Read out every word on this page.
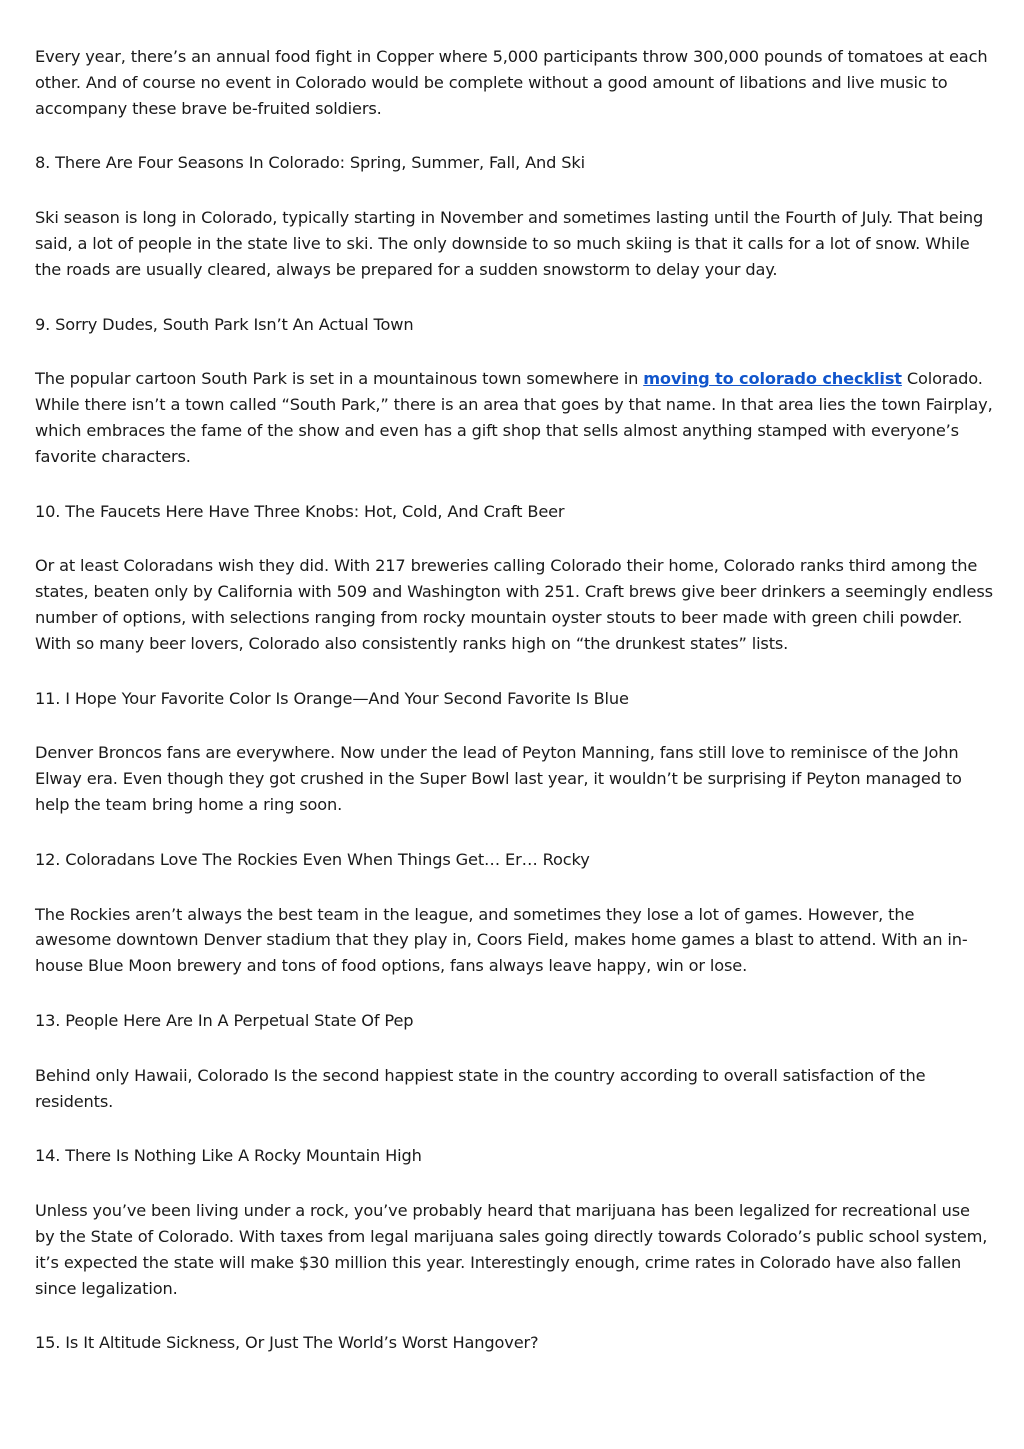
Every year, there’s an annual food fight in Copper where 5,000 participants throw 300,000 pounds of tomatoes at each other. And of course no event in Colorado would be complete without a good amount of libations and live music to accompany these brave be-fruited soldiers.

8. There Are Four Seasons In Colorado: Spring, Summer, Fall, And Ski

Ski season is long in Colorado, typically starting in November and sometimes lasting until the Fourth of July. That being said, a lot of people in the state live to ski. The only downside to so much skiing is that it calls for a lot of snow. While the roads are usually cleared, always be prepared for a sudden snowstorm to delay your day.

9. Sorry Dudes, South Park Isn’t An Actual Town

The popular cartoon South Park is set in a mountainous town somewhere in moving to colorado checklist Colorado. While there isn’t a town called “South Park,” there is an area that goes by that name. In that area lies the town Fairplay, which embraces the fame of the show and even has a gift shop that sells almost anything stamped with everyone’s favorite characters.

10. The Faucets Here Have Three Knobs: Hot, Cold, And Craft Beer

Or at least Coloradans wish they did. With 217 breweries calling Colorado their home, Colorado ranks third among the states, beaten only by California with 509 and Washington with 251. Craft brews give beer drinkers a seemingly endless number of options, with selections ranging from rocky mountain oyster stouts to beer made with green chili powder. With so many beer lovers, Colorado also consistently ranks high on “the drunkest states” lists.

11. I Hope Your Favorite Color Is Orange—And Your Second Favorite Is Blue

Denver Broncos fans are everywhere. Now under the lead of Peyton Manning, fans still love to reminisce of the John Elway era. Even though they got crushed in the Super Bowl last year, it wouldn’t be surprising if Peyton managed to help the team bring home a ring soon.

12. Coloradans Love The Rockies Even When Things Get… Er… Rocky

The Rockies aren’t always the best team in the league, and sometimes they lose a lot of games. However, the awesome downtown Denver stadium that they play in, Coors Field, makes home games a blast to attend. With an in-house Blue Moon brewery and tons of food options, fans always leave happy, win or lose.

13. People Here Are In A Perpetual State Of Pep

Behind only Hawaii, Colorado Is the second happiest state in the country according to overall satisfaction of the residents.

14. There Is Nothing Like A Rocky Mountain High

Unless you’ve been living under a rock, you’ve probably heard that marijuana has been legalized for recreational use by the State of Colorado. With taxes from legal marijuana sales going directly towards Colorado’s public school system, it’s expected the state will make $30 million this year. Interestingly enough, crime rates in Colorado have also fallen since legalization.

15. Is It Altitude Sickness, Or Just The World’s Worst Hangover?
